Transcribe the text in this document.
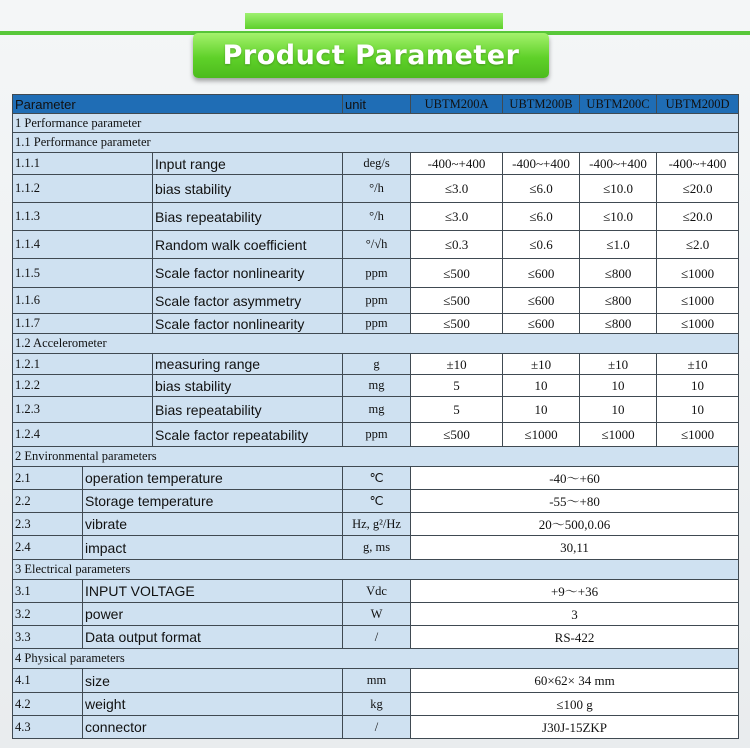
Product Parameter
Parameter			unit	UBTM200A	UBTM200B	UBTM200C	UBTM200D
1 Performance parameter							
1.1 Performance parameter							
1.1.1		Input range	deg/s	-400~+400	-400~+400	-400~+400	-400~+400
1.1.2		bias stability	°/h	≤3.0	≤6.0	≤10.0	≤20.0
1.1.3		Bias repeatability	°/h	≤3.0	≤6.0	≤10.0	≤20.0
1.1.4		Random walk coefficient	°/√h	≤0.3	≤0.6	≤1.0	≤2.0
1.1.5		Scale factor nonlinearity	ppm	≤500	≤600	≤800	≤1000
1.1.6		Scale factor asymmetry	ppm	≤500	≤600	≤800	≤1000
1.1.7		Scale factor nonlinearity	ppm	≤500	≤600	≤800	≤1000
1.2 Accelerometer							
1.2.1		measuring range	g	±10	±10	±10	±10
1.2.2		bias stability	mg	5	10	10	10
1.2.3		Bias repeatability	mg	5	10	10	10
1.2.4		Scale factor repeatability	ppm	≤500	≤1000	≤1000	≤1000
2 Environmental parameters							
2.1	operation temperature		℃	-40～+60			
2.2	Storage temperature		℃	-55～+80			
2.3	vibrate		Hz, g²/Hz	20～500,0.06			
2.4	impact		g, ms	30,11			
3 Electrical parameters							
3.1	INPUT VOLTAGE		Vdc	+9～+36			
3.2	power		W	3			
3.3	Data output format		/	RS-422			
4 Physical parameters							
4.1	size		mm	60×62× 34 mm			
4.2	weight		kg	≤100 g			
4.3	connector		/	J30J-15ZKP			
